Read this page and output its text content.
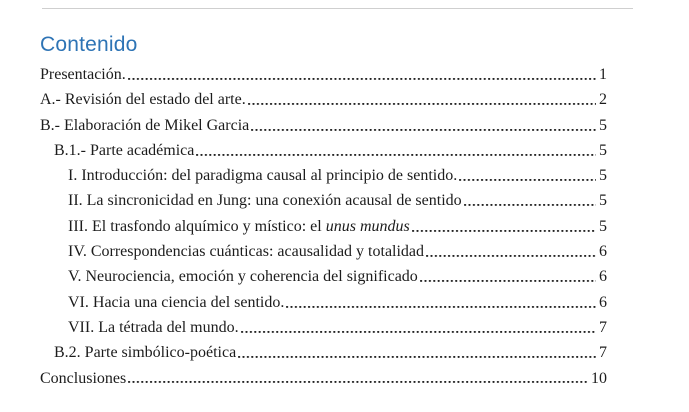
Contenido
Presentación.	1
A.- Revisión del estado del arte.	2
B.- Elaboración de Mikel Garcia	5
B.1.- Parte académica	5
I. Introducción: del paradigma causal al principio de sentido.	5
II. La sincronicidad en Jung: una conexión acausal de sentido	5
III. El trasfondo alquímico y místico: el unus mundus	5
IV. Correspondencias cuánticas: acausalidad y totalidad	6
V. Neurociencia, emoción y coherencia del significado	6
VI. Hacia una ciencia del sentido.	6
VII. La tétrada del mundo.	7
B.2. Parte simbólico-poética	7
Conclusiones	10
